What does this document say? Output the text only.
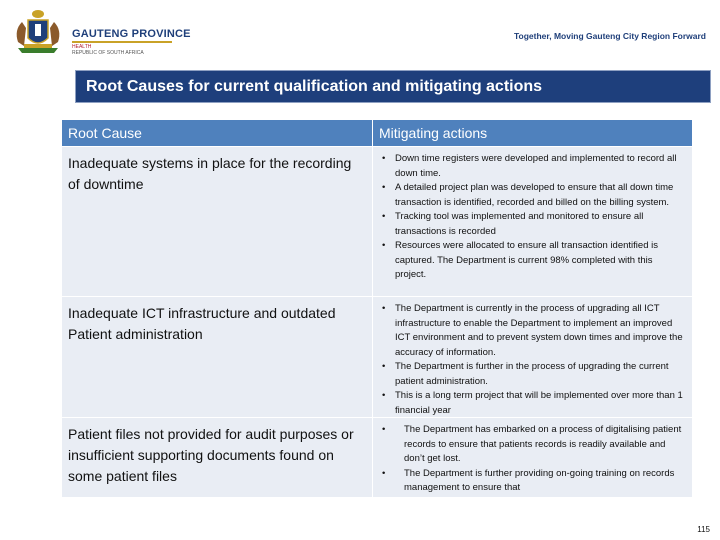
GAUTENG PROVINCE
HEALTH
REPUBLIC OF SOUTH AFRICA
Together, Moving Gauteng City Region Forward
Root Causes for current qualification and mitigating actions
Root Cause	Mitigating actions
Inadequate systems in place for the recording of downtime
• Down time registers were developed and implemented to record all down time.
• A detailed project plan was developed to ensure that all down time transaction is identified, recorded and billed on the billing system.
• Tracking tool was implemented and monitored to ensure all transactions is recorded
• Resources were allocated to ensure all transaction identified is captured. The Department is current 98% completed with this project.
Inadequate ICT infrastructure and outdated Patient administration
• The Department is currently in the process of upgrading all ICT infrastructure to enable the Department to implement an improved ICT environment and to prevent system down times and improve the accuracy of information.
• The Department is further in the process of upgrading the current patient administration.
• This is a long term project that will be implemented over more than 1 financial year
Patient files not provided for audit purposes or insufficient supporting documents found on some patient files
• The Department has embarked on a process of digitalising patient records to ensure that patients records is readily available and don’t get lost.
• The Department is further providing on-going training on records management to ensure that
115
